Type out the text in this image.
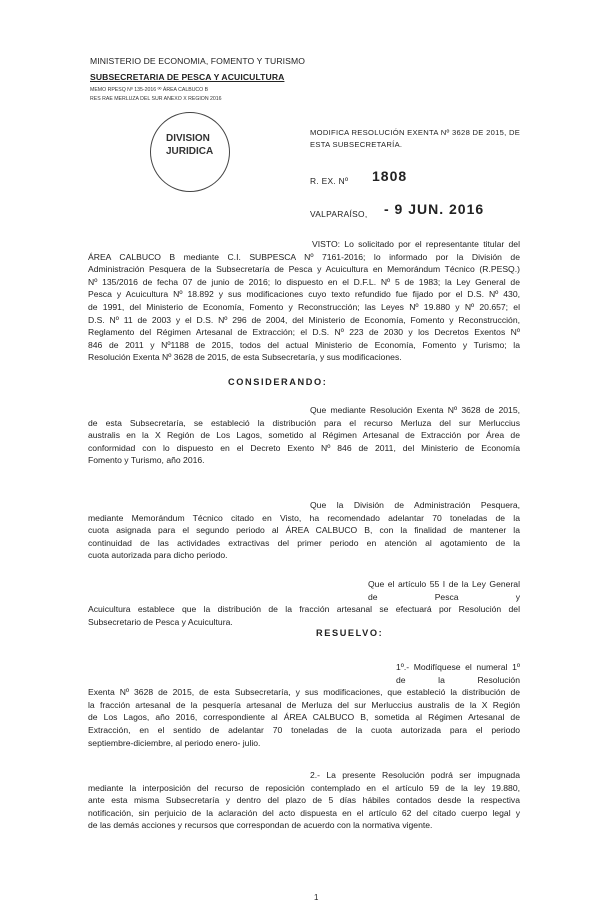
MINISTERIO DE ECONOMIA, FOMENTO Y TURISMO
SUBSECRETARIA DE PESCA Y ACUICULTURA
MEMO RPESQ Nº 135-2016 ºº ÁREA CALBUCO B
RES RAE MERLUZA DEL SUR ANEXO X REGION 2016
DIVISION
JURIDICA
MODIFICA RESOLUCIÓN EXENTA Nº 3628 DE 2015, DE
ESTA SUBSECRETARÍA.
R. EX. Nº 1808
VALPARAÍSO, - 9 JUN. 2016
VISTO: Lo solicitado por el representante titular del
ÁREA CALBUCO B mediante C.I. SUBPESCA Nº 7161-2016; lo informado por la División de
Administración Pesquera de la Subsecretaría de Pesca y Acuicultura en Memorándum Técnico (R.PESQ.)
Nº 135/2016 de fecha 07 de junio de 2016; lo dispuesto en el D.F.L. Nº 5 de 1983; la Ley General de
Pesca y Acuicultura Nº 18.892 y sus modificaciones cuyo texto refundido fue fijado por el D.S. Nº 430,
de 1991, del Ministerio de Economía, Fomento y Reconstrucción; las Leyes Nº 19.880 y Nº 20.657; el
D.S. Nº 11 de 2003 y el D.S. Nº 296 de 2004, del Ministerio de Economía, Fomento y Reconstrucción,
Reglamento del Régimen Artesanal de Extracción; el D.S. Nº 223 de 2030 y los Decretos Exentos Nº
846 de 2011 y Nº1188 de 2015, todos del actual Ministerio de Economía, Fomento y Turismo; la
Resolución Exenta Nº 3628 de 2015, de esta Subsecretaría, y sus modificaciones.
CONSIDERANDO:
Que mediante Resolución Exenta Nº 3628 de 2015,
de esta Subsecretaría, se estableció la distribución para el recurso Merluza del sur Merluccius
australis en la X Región de Los Lagos, sometido al Régimen Artesanal de Extracción por Área de
conformidad con lo dispuesto en el Decreto Exento Nº 846 de 2011, del Ministerio de Economía
Fomento y Turismo, año 2016.
Que la División de Administración Pesquera,
mediante Memorándum Técnico citado en Visto, ha recomendado adelantar 70 toneladas de la
cuota asignada para el segundo periodo al ÁREA CALBUCO B, con la finalidad de mantener la
continuidad de las actividades extractivas del primer periodo en atención al agotamiento de la
cuota autorizada para dicho periodo.
Que el artículo 55 I de la Ley General de Pesca y
Acuicultura establece que la distribución de la fracción artesanal se efectuará por Resolución del
Subsecretario de Pesca y Acuicultura.
RESUELVO:
1º.- Modifíquese el numeral 1º de la Resolución
Exenta Nº 3628 de 2015, de esta Subsecretaría, y sus modificaciones, que estableció la distribución de
la fracción artesanal de la pesquería artesanal de Merluza del sur Merluccius australis de la X Región
de Los Lagos, año 2016, correspondiente al ÁREA CALBUCO B, sometida al Régimen Artesanal de
Extracción, en el sentido de adelantar 70 toneladas de la cuota autorizada para el periodo
septiembre-diciembre, al periodo enero- julio.
2.- La presente Resolución podrá ser impugnada
mediante la interposición del recurso de reposición contemplado en el artículo 59 de la ley 19.880,
ante esta misma Subsecretaría y dentro del plazo de 5 días hábiles contados desde la respectiva
notificación, sin perjuicio de la aclaración del acto dispuesta en el artículo 62 del citado cuerpo legal y
de las demás acciones y recursos que correspondan de acuerdo con la normativa vigente.
1
